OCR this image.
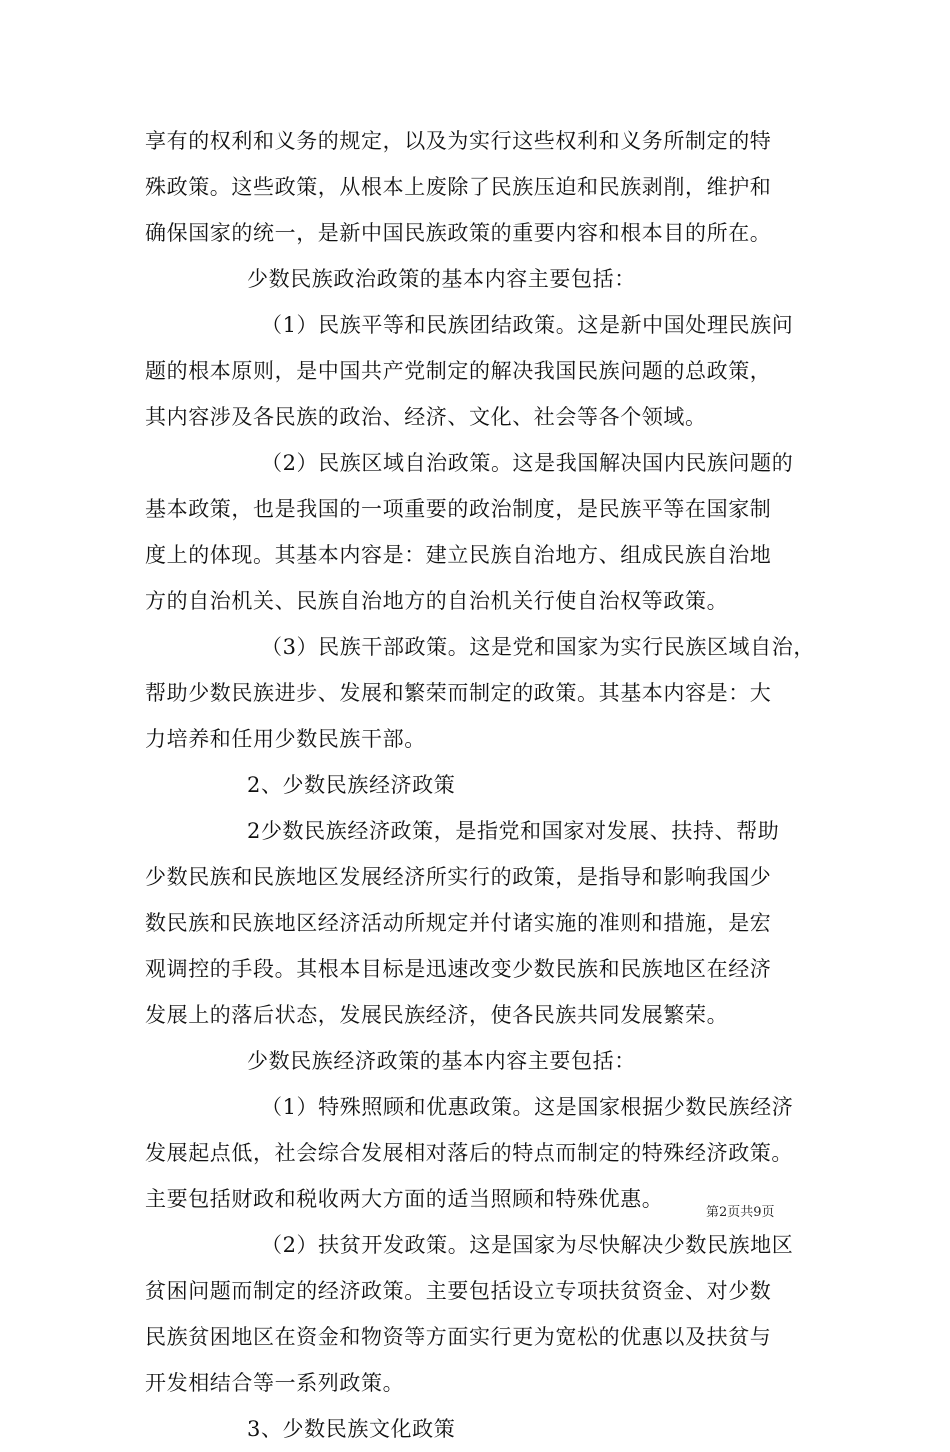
享有的权利和义务的规定，以及为实行这些权利和义务所制定的特
殊政策。这些政策，从根本上废除了民族压迫和民族剥削，维护和
确保国家的统一，是新中国民族政策的重要内容和根本目的所在。
少数民族政治政策的基本内容主要包括：
（1）民族平等和民族团结政策。这是新中国处理民族问
题的根本原则，是中国共产党制定的解决我国民族问题的总政策，
其内容涉及各民族的政治、经济、文化、社会等各个领域。
（2）民族区域自治政策。这是我国解决国内民族问题的
基本政策，也是我国的一项重要的政治制度，是民族平等在国家制
度上的体现。其基本内容是：建立民族自治地方、组成民族自治地
方的自治机关、民族自治地方的自治机关行使自治权等政策。
（3）民族干部政策。这是党和国家为实行民族区域自治，
帮助少数民族进步、发展和繁荣而制定的政策。其基本内容是：大
力培养和任用少数民族干部。
2、少数民族经济政策
2少数民族经济政策，是指党和国家对发展、扶持、帮助
少数民族和民族地区发展经济所实行的政策，是指导和影响我国少
数民族和民族地区经济活动所规定并付诸实施的准则和措施，是宏
观调控的手段。其根本目标是迅速改变少数民族和民族地区在经济
发展上的落后状态，发展民族经济，使各民族共同发展繁荣。
少数民族经济政策的基本内容主要包括：
（1）特殊照顾和优惠政策。这是国家根据少数民族经济
发展起点低，社会综合发展相对落后的特点而制定的特殊经济政策。
主要包括财政和税收两大方面的适当照顾和特殊优惠。
（2）扶贫开发政策。这是国家为尽快解决少数民族地区
贫困问题而制定的经济政策。主要包括设立专项扶贫资金、对少数
民族贫困地区在资金和物资等方面实行更为宽松的优惠以及扶贫与
开发相结合等一系列政策。
3、少数民族文化政策
第2页共9页
